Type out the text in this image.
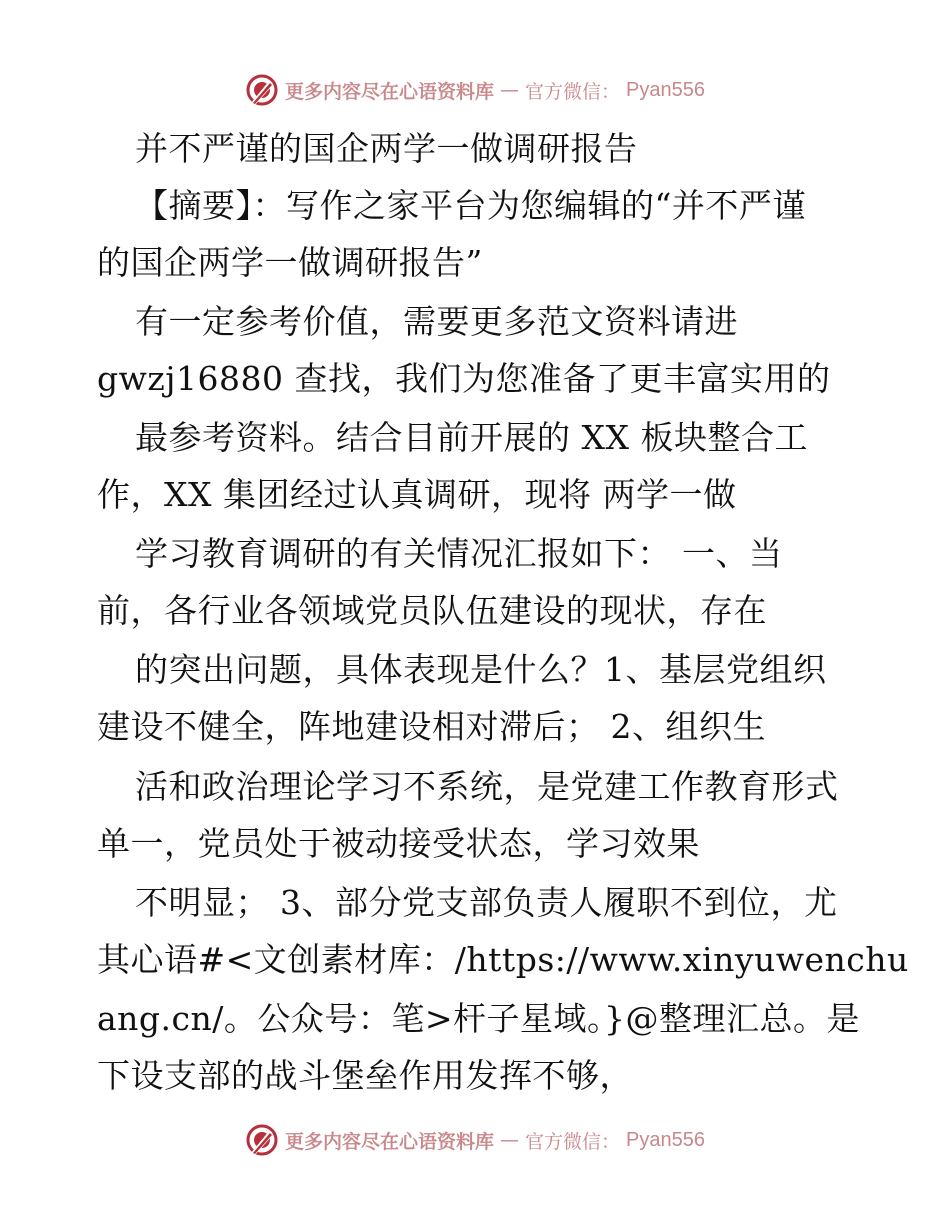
更多内容尽在心语资料库 — 官方微信： Pyan556
并不严谨的国企两学一做调研报告
【摘要】：写作之家平台为您编辑的“并不严谨
的国企两学一做调研报告”
有一定参考价值，需要更多范文资料请进
gwzj16880 查找，我们为您准备了更丰富实用的
最参考资料。结合目前开展的 XX 板块整合工
作，XX 集团经过认真调研，现将 两学一做
学习教育调研的有关情况汇报如下： 一、当
前，各行业各领域党员队伍建设的现状，存在
的突出问题，具体表现是什么？1、基层党组织
建设不健全，阵地建设相对滞后； 2、组织生
活和政治理论学习不系统，是党建工作教育形式
单一，党员处于被动接受状态，学习效果
不明显； 3、部分党支部负责人履职不到位，尤
其心语#<文创素材库：/https://www.xinyuwenchu
ang.cn/。公众号：笔>杆子星域。}@整理汇总。是
下设支部的战斗堡垒作用发挥不够，
更多内容尽在心语资料库 — 官方微信： Pyan556
